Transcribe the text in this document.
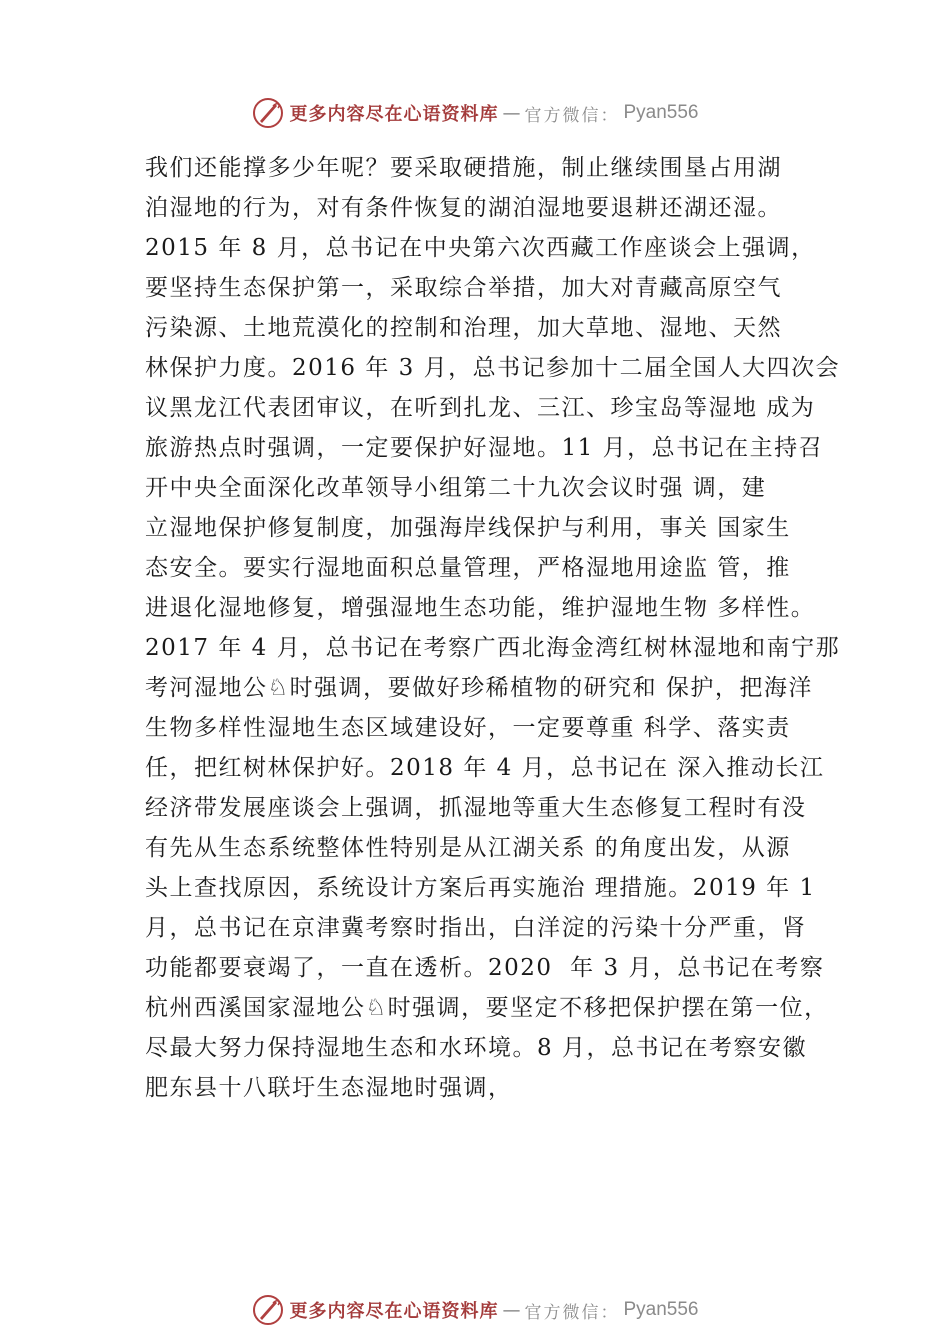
更多内容尽在心语资料库 — 官方微信： Pyan556
我们还能撑多少年呢？要采取硬措施，制止继续围垦占用湖
泊湿地的行为，对有条件恢复的湖泊湿地要退耕还湖还湿。
2015 年 8 月，总书记在中央第六次西藏工作座谈会上强调，
要坚持生态保护第一，采取综合举措，加大对青藏高原空气
污染源、土地荒漠化的控制和治理，加大草地、湿地、天然
林保护力度。2016 年 3 月，总书记参加十二届全国人大四次会
议黑龙江代表团审议，在听到扎龙、三江、珍宝岛等湿地 成为
旅游热点时强调，一定要保护好湿地。11 月，总书记在主持召
开中央全面深化改革领导小组第二十九次会议时强 调，建
立湿地保护修复制度，加强海岸线保护与利用，事关 国家生
态安全。要实行湿地面积总量管理，严格湿地用途监 管，推
进退化湿地修复，增强湿地生态功能，维护湿地生物 多样性。
2017 年 4 月，总书记在考察广西北海金湾红树林湿地和南宁那
考河湿地公♘时强调，要做好珍稀植物的研究和 保护，把海洋
生物多样性湿地生态区域建设好，一定要尊重 科学、落实责
任，把红树林保护好。2018 年 4 月，总书记在 深入推动长江
经济带发展座谈会上强调，抓湿地等重大生态修复工程时有没
有先从生态系统整体性特别是从江湖关系 的角度出发，从源
头上查找原因，系统设计方案后再实施治 理措施。2019 年 1
月，总书记在京津冀考察时指出，白洋淀的污染十分严重，肾
功能都要衰竭了，一直在透析。2020  年 3 月，总书记在考察
杭州西溪国家湿地公♘时强调，要坚定不移把保护摆在第一位，
尽最大努力保持湿地生态和水环境。8 月，总书记在考察安徽
肥东县十八联圩生态湿地时强调，
更多内容尽在心语资料库 — 官方微信： Pyan556
